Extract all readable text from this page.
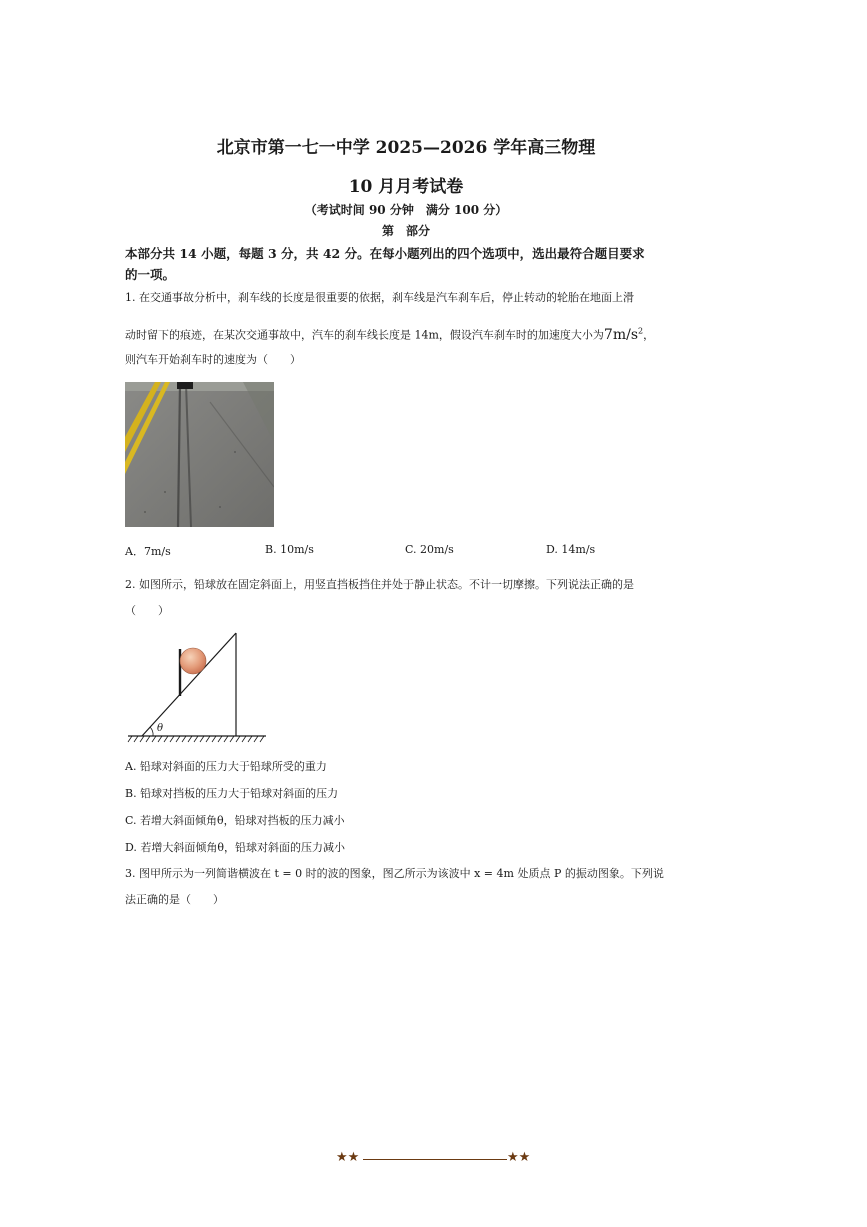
北京市第一七一中学 2025—2026 学年高三物理
10 月月考试卷
（考试时间 90 分钟　满分 100 分）
第　部分
本部分共 14 小题，每题 3 分，共 42 分。在每小题列出的四个选项中，选出最符合题目要求
的一项。
1. 在交通事故分析中，刹车线的长度是很重要的依据，刹车线是汽车刹车后，停止转动的轮胎在地面上滑
动时留下的痕迹，在某次交通事故中，汽车的刹车线长度是 14m，假设汽车刹车时的加速度大小为$7m/s^2$，
则汽车开始刹车时的速度为（　　）
A．7m/s	B. 10m/s	C. 20m/s	D. 14m/s
2. 如图所示，铅球放在固定斜面上，用竖直挡板挡住并处于静止状态。不计一切摩擦。下列说法正确的是
（　　）
θ
A. 铅球对斜面的压力大于铅球所受的重力
B. 铅球对挡板的压力大于铅球对斜面的压力
C. 若增大斜面倾角θ，铅球对挡板的压力减小
D. 若增大斜面倾角θ，铅球对斜面的压力减小
3. 图甲所示为一列简谐横波在 t = 0 时的波的图象，图乙所示为该波中 x = 4m 处质点 P 的振动图象。下列说
法正确的是（　　）
★★	★★
